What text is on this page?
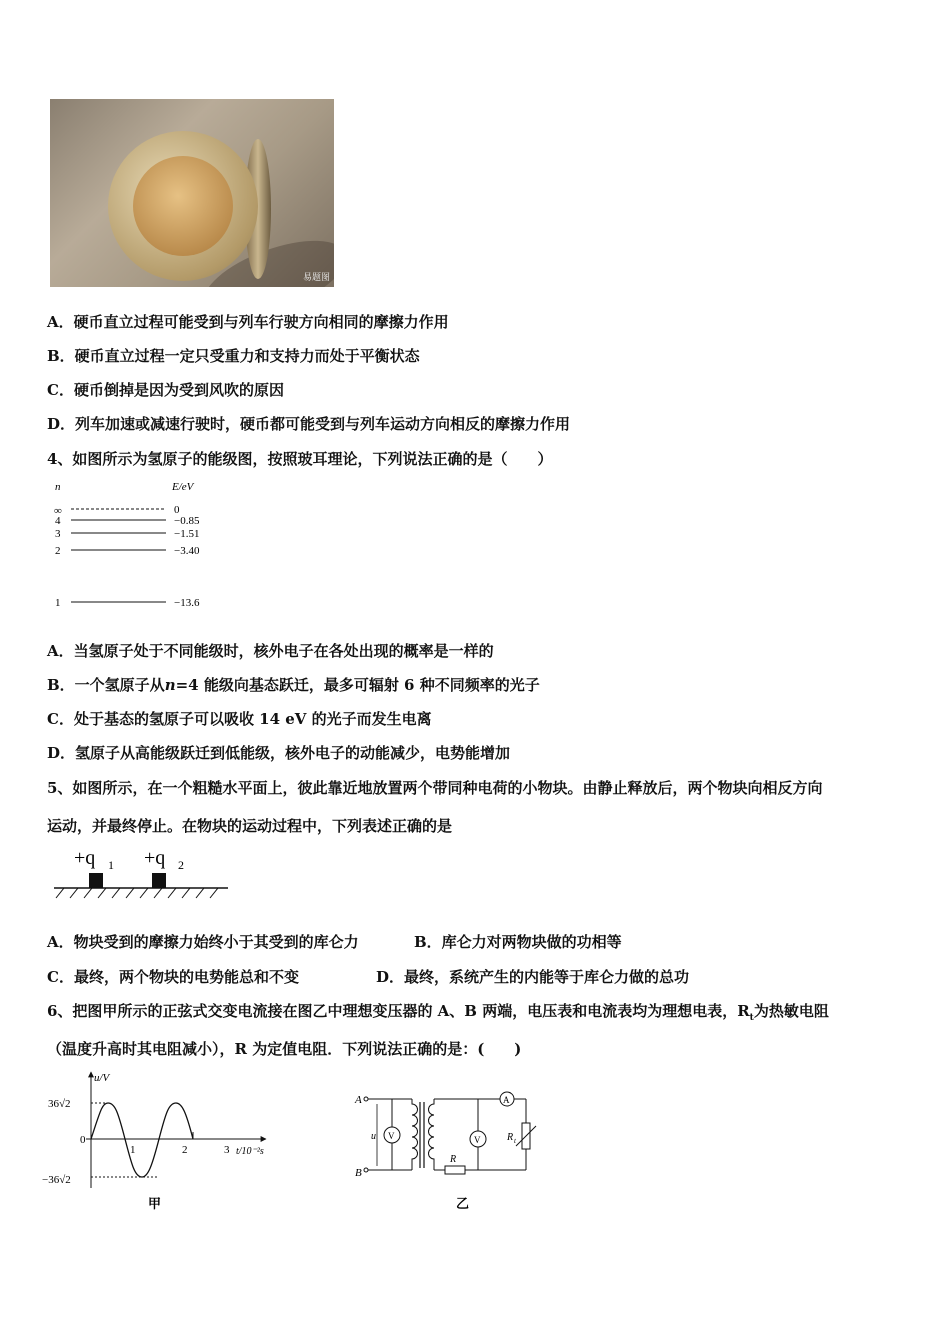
易题图
A．硬币直立过程可能受到与列车行驶方向相同的摩擦力作用
B．硬币直立过程一定只受重力和支持力而处于平衡状态
C．硬币倒掉是因为受到风吹的原因
D．列车加速或减速行驶时，硬币都可能受到与列车运动方向相反的摩擦力作用
4、如图所示为氢原子的能级图，按照玻耳理论，下列说法正确的是（　　）
n	E/eV
∞	0
4	−0.85
3	−1.51
2	−3.40
1	−13.6
A．当氢原子处于不同能级时，核外电子在各处出现的概率是一样的
B．一个氢原子从n=4 能级向基态跃迁，最多可辐射 6 种不同频率的光子
C．处于基态的氢原子可以吸收 14 eV 的光子而发生电离
D．氢原子从高能级跃迁到低能级，核外电子的动能减少，电势能增加
5、如图所示，在一个粗糙水平面上，彼此靠近地放置两个带同种电荷的小物块。由静止释放后，两个物块向相反方向
运动，并最终停止。在物块的运动过程中，下列表述正确的是
+q 1 +q 2
A．物块受到的摩擦力始终小于其受到的库仑力	B．库仑力对两物块做的功相等
C．最终，两个物块的电势能总和不变	D．最终，系统产生的内能等于库仑力做的总功
6、把图甲所示的正弦式交变电流接在图乙中理想变压器的 A、B 两端，电压表和电流表均为理想电表，$R_t$为热敏电阻
（温度升高时其电阻减小），R 为定值电阻．下列说法正确的是：(　　)
u/V
36√2
−36√2
0
1	2	3 t/10⁻²s
甲
A
B
u V
A
R
V	R t
乙
